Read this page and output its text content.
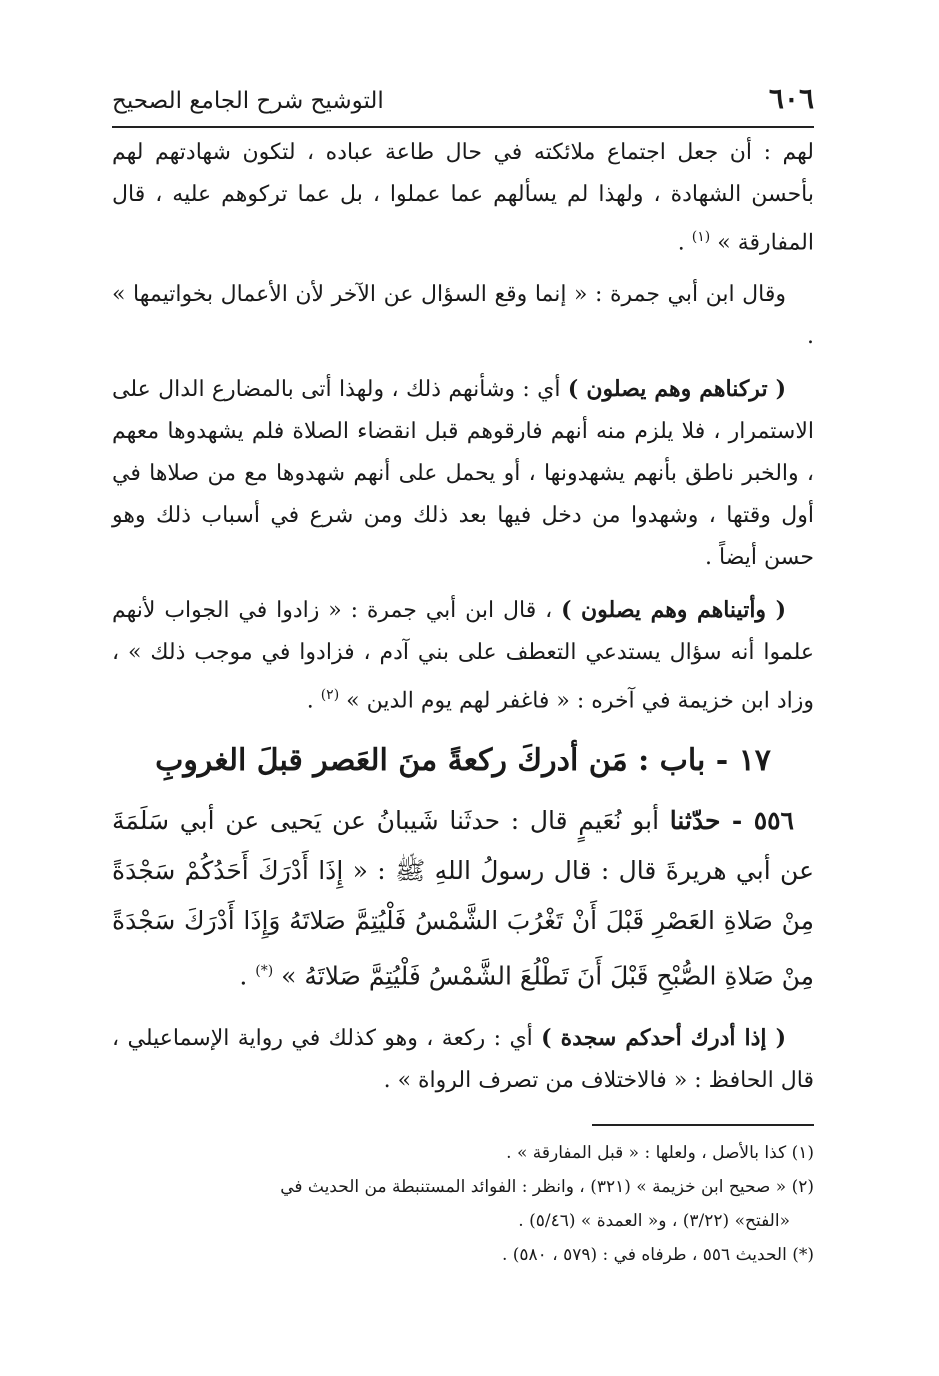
٦٠٦
التوشيح شرح الجامع الصحيح

لهم : أن جعل اجتماع ملائكته في حال طاعة عباده ، لتكون شهادتهم لهم بأحسن الشهادة ، ولهذا لم يسألهم عما عملوا ، بل عما تركوهم عليه ، قال المفارقة » $^{(١)}$ .

وقال ابن أبي جمرة : « إنما وقع السؤال عن الآخر لأن الأعمال بخواتيمها » .

( تركناهم وهم يصلون ) أي : وشأنهم ذلك ، ولهذا أتى بالمضارع الدال على الاستمرار ، فلا يلزم منه أنهم فارقوهم قبل انقضاء الصلاة فلم يشهدوها معهم ، والخبر ناطق بأنهم يشهدونها ، أو يحمل على أنهم شهدوها مع من صلاها في أول وقتها ، وشهدوا من دخل فيها بعد ذلك ومن شرع في أسباب ذلك وهو حسن أيضاً .

( وأتيناهم وهم يصلون ) ، قال ابن أبي جمرة : « زادوا في الجواب لأنهم علموا أنه سؤال يستدعي التعطف على بني آدم ، فزادوا في موجب ذلك » ، وزاد ابن خزيمة في آخره : « فاغفر لهم يوم الدين » $^{(٢)}$ .

١٧ - باب : مَن أدركَ ركعةً منَ العَصر قبلَ الغروبِ

٥٥٦ - حدّثنا أبو نُعَيمٍ قال : حدثَنا شَيبانُ عن يَحيى عن أبي سَلَمَةَ عن أبي هريرةَ قال : قال رسولُ اللهِ ﷺ : « إِذَا أَدْرَكَ أَحَدُكُمْ سَجْدَةً مِنْ صَلاةِ العَصْرِ قَبْلَ أَنْ تَغْرُبَ الشَّمْسُ فَلْيُتِمَّ صَلاتَهُ وَإِذَا أَدْرَكَ سَجْدَةً مِنْ صَلاةِ الصُّبْحِ قَبْلَ أَنَ تَطْلُعَ الشَّمْسُ فَلْيُتِمَّ صَلاتَهُ » (*) .

( إذا أدرك أحدكم سجدة ) أي : ركعة ، وهو كذلك في رواية الإسماعيلي ، قال الحافظ : « فالاختلاف من تصرف الرواة » .

(١) كذا بالأصل ، ولعلها : « قبل المفارقة » .

(٢) « صحيح ابن خزيمة » (٣٢١) ، وانظر : الفوائد المستنبطة من الحديث في
«الفتح» (٣/٢٢) ، و« العمدة » (٥/٤٦) .

(*) الحديث ٥٥٦ ، طرفاه في : (٥٧٩ ، ٥٨٠) .
